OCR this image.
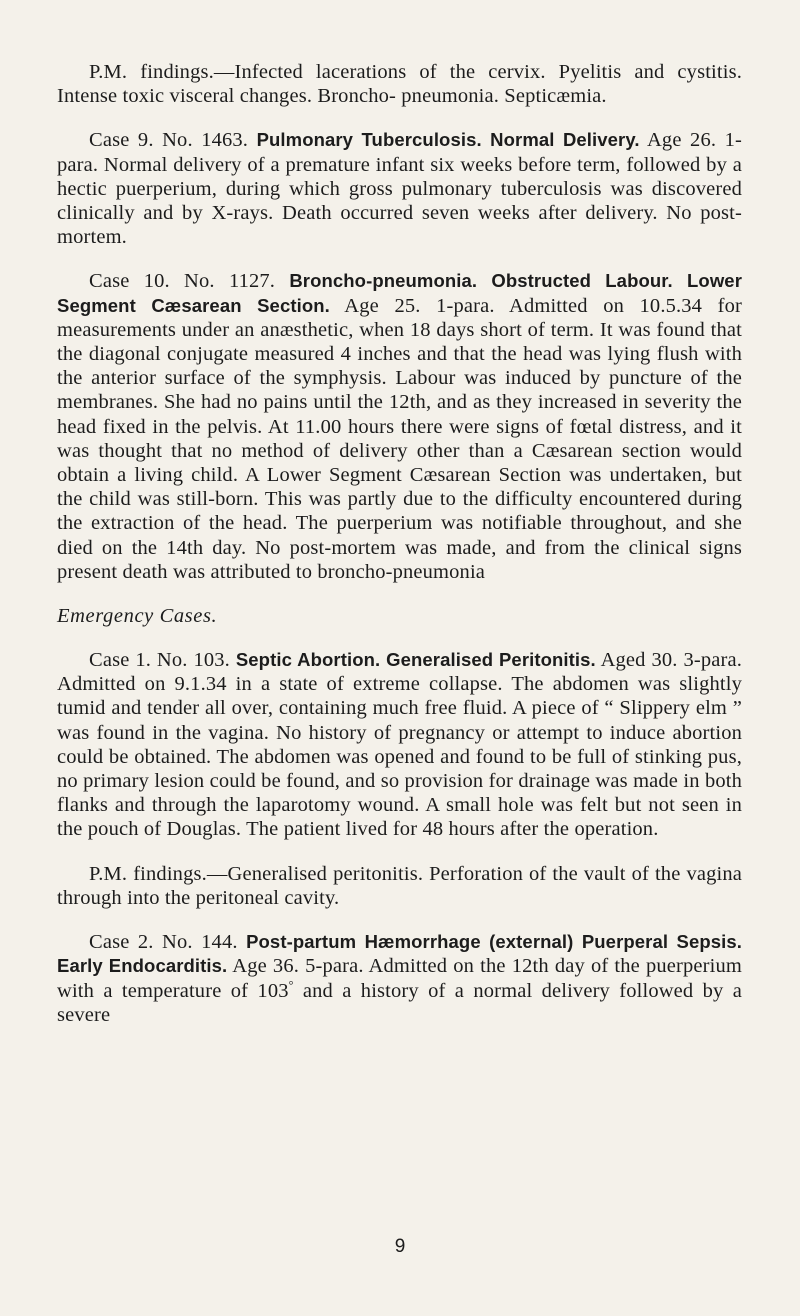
P.M. findings.—Infected lacerations of the cervix. Pyelitis and cystitis. Intense toxic visceral changes. Broncho- pneumonia. Septicæmia.

Case 9. No. 1463. Pulmonary Tuberculosis. Normal Delivery. Age 26. 1-para. Normal delivery of a premature infant six weeks before term, followed by a hectic puerperium, during which gross pulmonary tuberculosis was discovered clinically and by X-rays. Death occurred seven weeks after delivery. No post-mortem.

Case 10. No. 1127. Broncho-pneumonia. Obstructed Labour. Lower Segment Cæsarean Section. Age 25. 1-para. Admitted on 10.5.34 for measurements under an anæsthetic, when 18 days short of term. It was found that the diagonal conjugate measured 4 inches and that the head was lying flush with the anterior surface of the symphysis. Labour was induced by puncture of the membranes. She had no pains until the 12th, and as they increased in severity the head fixed in the pelvis. At 11.00 hours there were signs of fœtal distress, and it was thought that no method of delivery other than a Cæsarean section would obtain a living child. A Lower Segment Cæsarean Section was undertaken, but the child was still-born. This was partly due to the difficulty encountered during the extraction of the head. The puerperium was notifiable throughout, and she died on the 14th day. No post-mortem was made, and from the clinical signs present death was attributed to broncho-pneumonia

Emergency Cases.

Case 1. No. 103. Septic Abortion. Generalised Peritonitis. Aged 30. 3-para. Admitted on 9.1.34 in a state of extreme collapse. The abdomen was slightly tumid and tender all over, containing much free fluid. A piece of “ Slippery elm ” was found in the vagina. No history of pregnancy or attempt to induce abortion could be obtained. The abdomen was opened and found to be full of stinking pus, no primary lesion could be found, and so provision for drainage was made in both flanks and through the laparotomy wound. A small hole was felt but not seen in the pouch of Douglas. The patient lived for 48 hours after the operation.

P.M. findings.—Generalised peritonitis. Perforation of the vault of the vagina through into the peritoneal cavity.

Case 2. No. 144. Post-partum Hæmorrhage (external) Puerperal Sepsis. Early Endocarditis. Age 36. 5-para. Admitted on the 12th day of the puerperium with a temperature of 103° and a history of a normal delivery followed by a severe

9
